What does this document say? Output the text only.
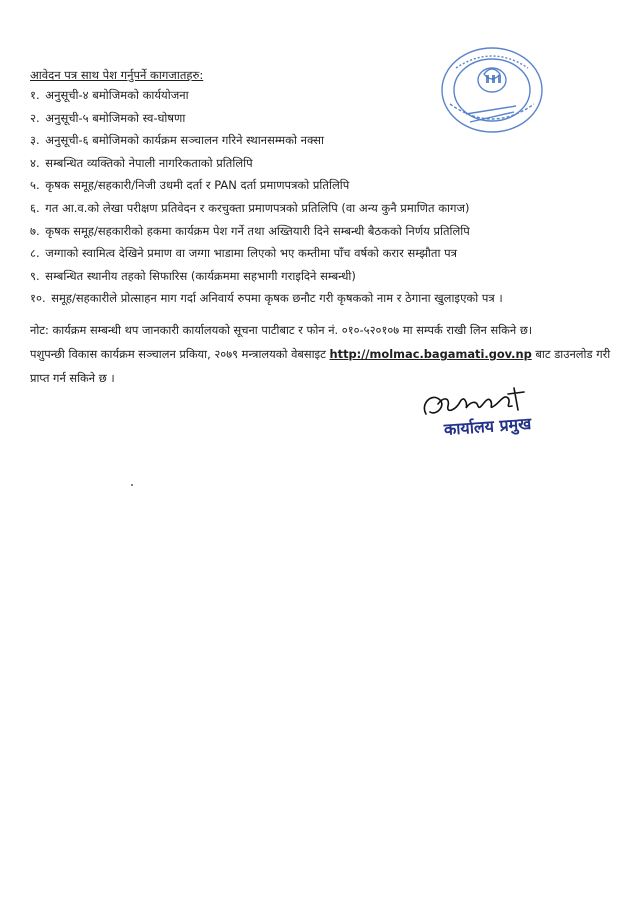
आवेदन पत्र साथ पेश गर्नुपर्ने कागजातहरु:
१. अनुसूची-४ बमोजिमको कार्ययोजना
२. अनुसूची-५ बमोजिमको स्व-घोषणा
३. अनुसूची-६ बमोजिमको कार्यक्रम सञ्चालन गरिने स्थानसम्मको नक्सा
४. सम्बन्धित व्यक्तिको नेपाली नागरिकताको प्रतिलिपि
५. कृषक समूह/सहकारी/निजी उधमी दर्ता र PAN दर्ता प्रमाणपत्रको प्रतिलिपि
६. गत आ.व.को लेखा परीक्षण प्रतिवेदन र करचुक्ता प्रमाणपत्रको प्रतिलिपि (वा अन्य कुनै प्रमाणित कागज)
७. कृषक समूह/सहकारीको हकमा कार्यक्रम पेश गर्ने तथा अख्तियारी दिने सम्बन्धी बैठकको निर्णय प्रतिलिपि
८. जग्गाको स्वामित्व देखिने प्रमाण वा जग्गा भाडामा लिएको भए कम्तीमा पाँच वर्षको करार सम्झौता पत्र
९. सम्बन्धित स्थानीय तहको सिफारिस (कार्यक्रममा सहभागी गराइदिने सम्बन्धी)
१०. समूह/सहकारीले प्रोत्साहन माग गर्दा अनिवार्य रुपमा कृषक छनौट गरी कृषकको नाम र ठेगाना खुलाइएको पत्र ।
नोट: कार्यक्रम सम्बन्धी थप जानकारी कार्यालयको सूचना पाटीबाट र फोन नं. ०१०-५२०१०७ मा सम्पर्क राखी लिन सकिने छ।
पशुपन्छी विकास कार्यक्रम सञ्चालन प्रकिया, २०७९ मन्त्रालयको वेबसाइट http://molmac.bagamati.gov.np बाट डाउनलोड गरी
प्राप्त गर्न सकिने छ ।
कार्यालय प्रमुख
